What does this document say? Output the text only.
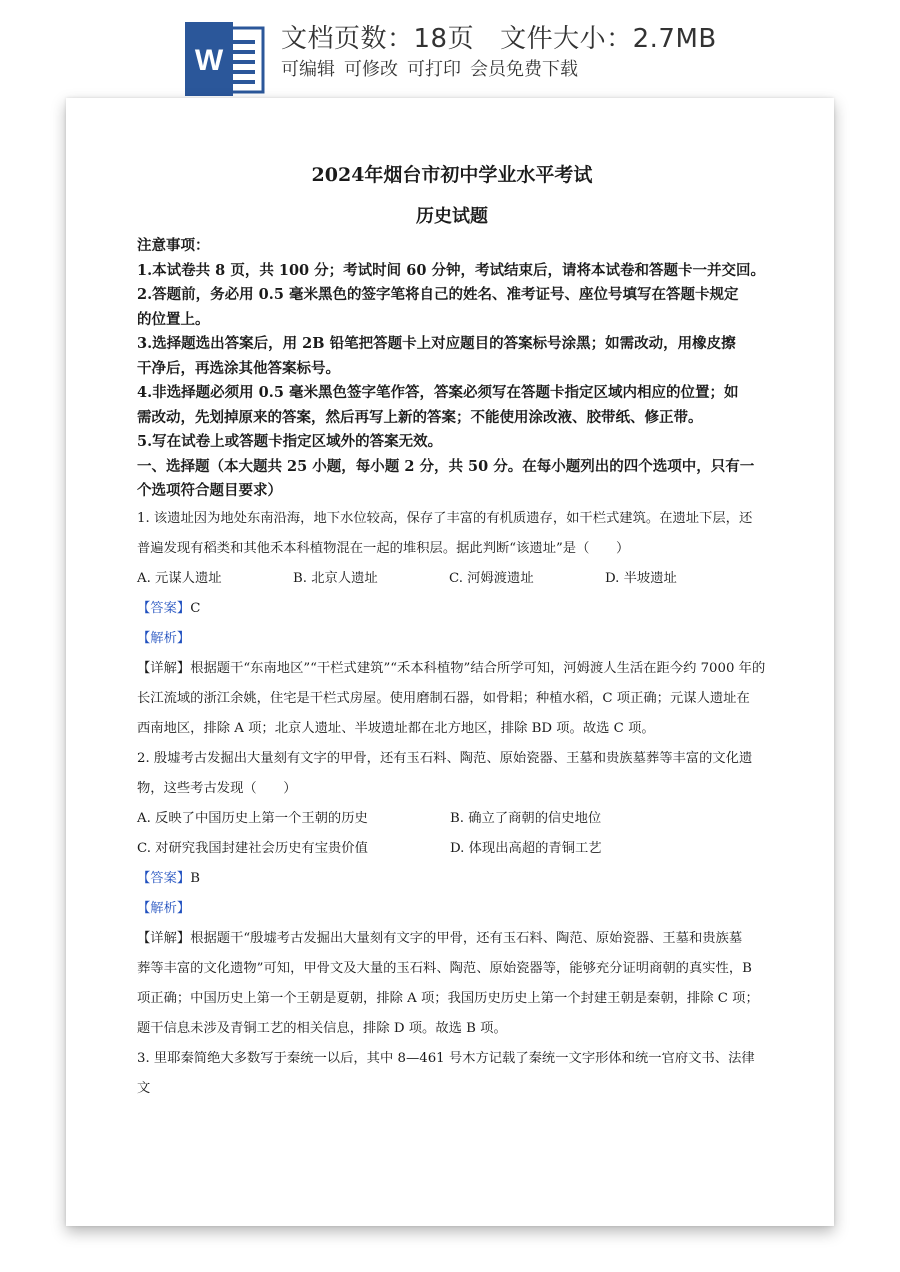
W
文档页数：18页 文件大小：2.7MB
可编辑 可修改 可打印 会员免费下载
2024年烟台市初中学业水平考试
历史试题
注意事项：
1.本试卷共 8 页，共 100 分；考试时间 60 分钟，考试结束后，请将本试卷和答题卡一并交回。
2.答题前，务必用 0.5 毫米黑色的签字笔将自己的姓名、准考证号、座位号填写在答题卡规定
的位置上。
3.选择题选出答案后，用 2B 铅笔把答题卡上对应题目的答案标号涂黑；如需改动，用橡皮擦
干净后，再选涂其他答案标号。
4.非选择题必须用 0.5 毫米黑色签字笔作答，答案必须写在答题卡指定区域内相应的位置；如
需改动，先划掉原来的答案，然后再写上新的答案；不能使用涂改液、胶带纸、修正带。
5.写在试卷上或答题卡指定区域外的答案无效。
一、选择题（本大题共 25 小题，每小题 2 分，共 50 分。在每小题列出的四个选项中，只有一
个选项符合题目要求）
1. 该遗址因为地处东南沿海，地下水位较高，保存了丰富的有机质遗存，如干栏式建筑。在遗址下层，还
普遍发现有稻类和其他禾本科植物混在一起的堆积层。据此判断“该遗址”是（　　）
A. 元谋人遗址	B. 北京人遗址	C. 河姆渡遗址	D. 半坡遗址
【答案】C
【解析】
【详解】根据题干“东南地区”“干栏式建筑”“禾本科植物”结合所学可知，河姆渡人生活在距今约 7000 年的
长江流域的浙江余姚，住宅是干栏式房屋。使用磨制石器，如骨耜；种植水稻，C 项正确；元谋人遗址在
西南地区，排除 A 项；北京人遗址、半坡遗址都在北方地区，排除 BD 项。故选 C 项。
2. 殷墟考古发掘出大量刻有文字的甲骨，还有玉石料、陶范、原始瓷器、王墓和贵族墓葬等丰富的文化遗
物，这些考古发现（　　）
A. 反映了中国历史上第一个王朝的历史	B. 确立了商朝的信史地位
C. 对研究我国封建社会历史有宝贵价值	D. 体现出高超的青铜工艺
【答案】B
【解析】
【详解】根据题干“殷墟考古发掘出大量刻有文字的甲骨，还有玉石料、陶范、原始瓷器、王墓和贵族墓
葬等丰富的文化遗物”可知，甲骨文及大量的玉石料、陶范、原始瓷器等，能够充分证明商朝的真实性，B
项正确；中国历史上第一个王朝是夏朝，排除 A 项；我国历史历史上第一个封建王朝是秦朝，排除 C 项；
题干信息未涉及青铜工艺的相关信息，排除 D 项。故选 B 项。
3. 里耶秦简绝大多数写于秦统一以后，其中 8—461 号木方记载了秦统一文字形体和统一官府文书、法律文
